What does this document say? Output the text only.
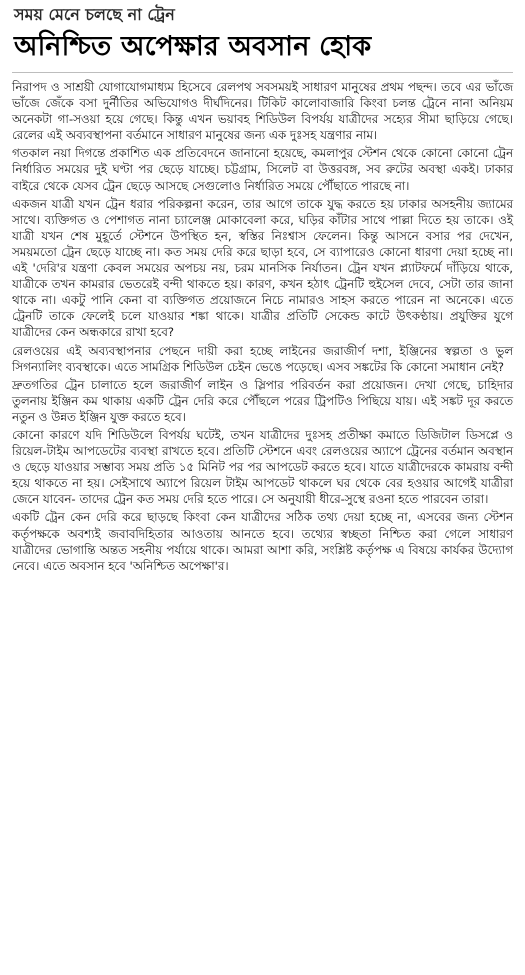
সময় মেনে চলছে না ট্রেন
অনিশ্চিত অপেক্ষার অবসান হোক

নিরাপদ ও সাশ্রয়ী যোগাযোগমাধ্যম হিসেবে রেলপথ সবসময়ই সাধারণ মানুষের প্রথম পছন্দ। তবে এর ভাঁজে ভাঁজে জেঁকে বসা দুর্নীতির অভিযোগও দীর্ঘদিনের। টিকিট কালোবাজারি কিংবা চলন্ত ট্রেনে নানা অনিয়ম অনেকটা গা-সওয়া হয়ে গেছে। কিন্তু এখন ভয়াবহ শিডিউল বিপর্যয় যাত্রীদের সহ্যের সীমা ছাড়িয়ে গেছে। রেলের এই অব্যবস্থাপনা বর্তমানে সাধারণ মানুষের জন্য এক দুঃসহ যন্ত্রণার নাম।

গতকাল নয়া দিগন্তে প্রকাশিত এক প্রতিবেদনে জানানো হয়েছে, কমলাপুর স্টেশন থেকে কোনো কোনো ট্রেন নির্ধারিত সময়ের দুই ঘণ্টা পর ছেড়ে যাচ্ছে। চট্টগ্রাম, সিলেট বা উত্তরবঙ্গ, সব রুটের অবস্থা একই। ঢাকার বাইরে থেকে যেসব ট্রেন ছেড়ে আসছে সেগুলোও নির্ধারিত সময়ে পৌঁছাতে পারছে না।

একজন যাত্রী যখন ট্রেন ধরার পরিকল্পনা করেন, তার আগে তাকে যুদ্ধ করতে হয় ঢাকার অসহনীয় জ্যামের সাথে। ব্যক্তিগত ও পেশাগত নানা চ্যালেঞ্জ মোকাবেলা করে, ঘড়ির কাঁটার সাথে পাল্লা দিতে হয় তাকে। ওই যাত্রী যখন শেষ মুহূর্তে স্টেশনে উপস্থিত হন, স্বস্তির নিঃশ্বাস ফেলেন। কিন্তু আসনে বসার পর দেখেন, সময়মতো ট্রেন ছেড়ে যাচ্ছে না। কত সময় দেরি করে ছাড়া হবে, সে ব্যাপারেও কোনো ধারণা দেয়া হচ্ছে না। এই 'দেরি'র যন্ত্রণা কেবল সময়ের অপচয় নয়, চরম মানসিক নির্যাতন। ট্রেন যখন প্ল্যাটফর্মে দাঁড়িয়ে থাকে, যাত্রীকে তখন কামরার ভেতরেই বন্দী থাকতে হয়। কারণ, কখন হঠাৎ ট্রেনটি হুইসেল দেবে, সেটা তার জানা থাকে না। একটু পানি কেনা বা ব্যক্তিগত প্রয়োজনে নিচে নামারও সাহস করতে পারেন না অনেকে। এতে ট্রেনটি তাকে ফেলেই চলে যাওয়ার শঙ্কা থাকে। যাত্রীর প্রতিটি সেকেন্ড কাটে উৎকণ্ঠায়। প্রযুক্তির যুগে যাত্রীদের কেন অন্ধকারে রাখা হবে?

রেলওয়ের এই অব্যবস্থাপনার পেছনে দায়ী করা হচ্ছে লাইনের জরাজীর্ণ দশা, ইঞ্জিনের স্বল্পতা ও ভুল সিগন্যালিং ব্যবস্থাকে। এতে সামগ্রিক শিডিউল চেইন ভেঙে পড়েছে। এসব সঙ্কটের কি কোনো সমাধান নেই?

দ্রুতগতির ট্রেন চালাতে হলে জরাজীর্ণ লাইন ও স্লিপার পরিবর্তন করা প্রয়োজন। দেখা গেছে, চাহিদার তুলনায় ইঞ্জিন কম থাকায় একটি ট্রেন দেরি করে পৌঁছলে পরের ট্রিপটিও পিছিয়ে যায়। এই সঙ্কট দূর করতে নতুন ও উন্নত ইঞ্জিন যুক্ত করতে হবে।

কোনো কারণে যদি শিডিউলে বিপর্যয় ঘটেই, তখন যাত্রীদের দুঃসহ প্রতীক্ষা কমাতে ডিজিটাল ডিসপ্লে ও রিয়েল-টাইম আপডেটের ব্যবস্থা রাখতে হবে। প্রতিটি স্টেশনে এবং রেলওয়ের অ্যাপে ট্রেনের বর্তমান অবস্থান ও ছেড়ে যাওয়ার সম্ভাব্য সময় প্রতি ১৫ মিনিট পর পর আপডেট করতে হবে। যাতে যাত্রীদেরকে কামরায় বন্দী হয়ে থাকতে না হয়। সেইসাথে অ্যাপে রিয়েল টাইম আপডেট থাকলে ঘর থেকে বের হওয়ার আগেই যাত্রীরা জেনে যাবেন- তাদের ট্রেন কত সময় দেরি হতে পারে। সে অনুযায়ী ধীরে-সুস্থে রওনা হতে পারবেন তারা।

একটি ট্রেন কেন দেরি করে ছাড়ছে কিংবা কেন যাত্রীদের সঠিক তথ্য দেয়া হচ্ছে না, এসবের জন্য স্টেশন কর্তৃপক্ষকে অবশ্যই জবাবদিহিতার আওতায় আনতে হবে। তথ্যের স্বচ্ছতা নিশ্চিত করা গেলে সাধারণ যাত্রীদের ভোগান্তি অন্তত সহনীয় পর্যায়ে থাকে। আমরা আশা করি, সংশ্লিষ্ট কর্তৃপক্ষ এ বিষয়ে কার্যকর উদ্যোগ নেবে। এতে অবসান হবে 'অনিশ্চিত অপেক্ষা'র।
